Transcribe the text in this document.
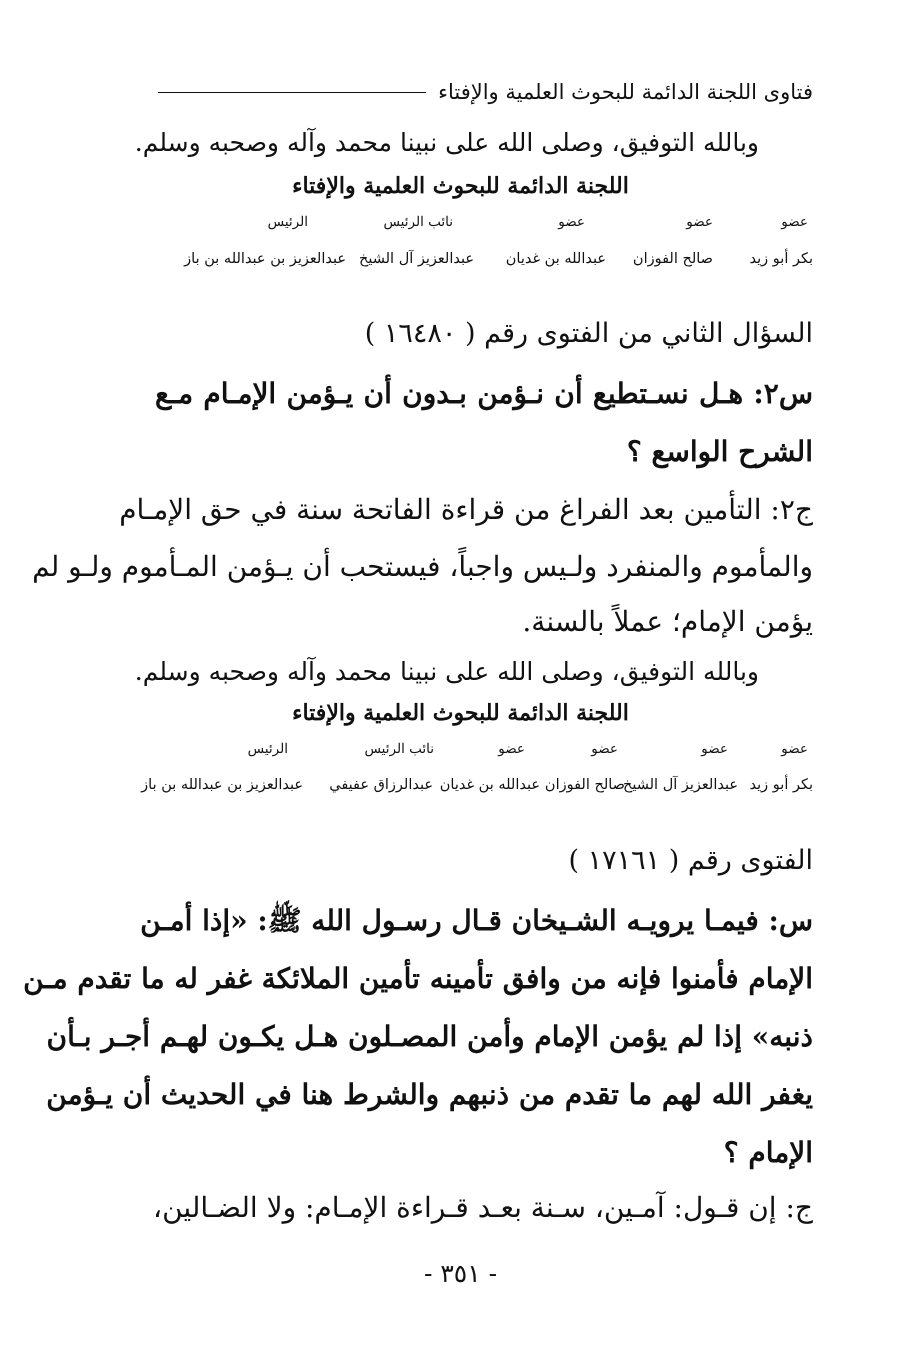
فتاوى اللجنة الدائمة للبحوث العلمية والإفتاء
وبالله التوفيق، وصلى الله على نبينا محمد وآله وصحبه وسلم.
اللجنة الدائمة للبحوث العلمية والإفتاء
عضو
عضو
عضو
نائب الرئيس
الرئيس
بكر أبو زيد
صالح الفوزان
عبدالله بن غديان
عبدالعزيز آل الشيخ
عبدالعزيز بن عبدالله بن باز
السؤال الثاني من الفتوى رقم ( ١٦٤٨٠ )
س٢: هـل نسـتطيع أن نـؤمن بـدون أن يـؤمن الإمـام مـع
الشرح الواسع ؟
ج٢: التأمين بعد الفراغ من قراءة الفاتحة سنة في حق الإمـام
والمأموم والمنفرد ولـيس واجباً، فيستحب أن يـؤمن المـأموم ولـو لم
يؤمن الإمام؛ عملاً بالسنة.
وبالله التوفيق، وصلى الله على نبينا محمد وآله وصحبه وسلم.
اللجنة الدائمة للبحوث العلمية والإفتاء
عضو
عضو
عضو
عضو
نائب الرئيس
الرئيس
بكر أبو زيد
عبدالعزيز آل الشيخ
صالح الفوزان
عبدالله بن غديان
عبدالرزاق عفيفي
عبدالعزيز بن عبدالله بن باز
الفتوى رقم ( ١٧١٦١ )
س: فيمـا يرويـه الشـيخان قـال رسـول الله ﷺ: «إذا أمـن
الإمام فأمنوا فإنه من وافق تأمينه تأمين الملائكة غفر له ما تقدم مـن
ذنبه» إذا لم يؤمن الإمام وأمن المصـلون هـل يكـون لهـم أجـر بـأن
يغفر الله لهم ما تقدم من ذنبهم والشرط هنا في الحديث أن يـؤمن
الإمام ؟
ج: إن قـول: آمـين، سـنة بعـد قـراءة الإمـام: ولا الضـالين،
- ٣٥١ -
